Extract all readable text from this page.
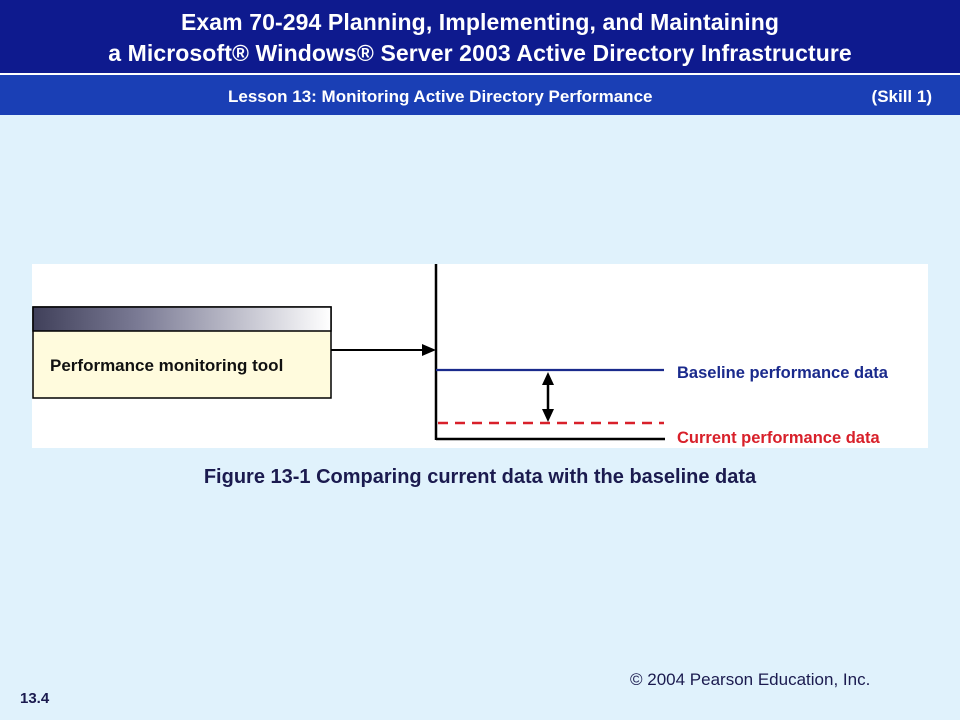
Exam 70-294 Planning, Implementing, and Maintaining
a Microsoft® Windows® Server 2003 Active Directory Infrastructure
Lesson 13: Monitoring Active Directory Performance	(Skill 1)
Performance monitoring tool	Baseline performance data
Current performance data
Figure 13-1 Comparing current data with the baseline data
© 2004 Pearson Education, Inc.
13.4
